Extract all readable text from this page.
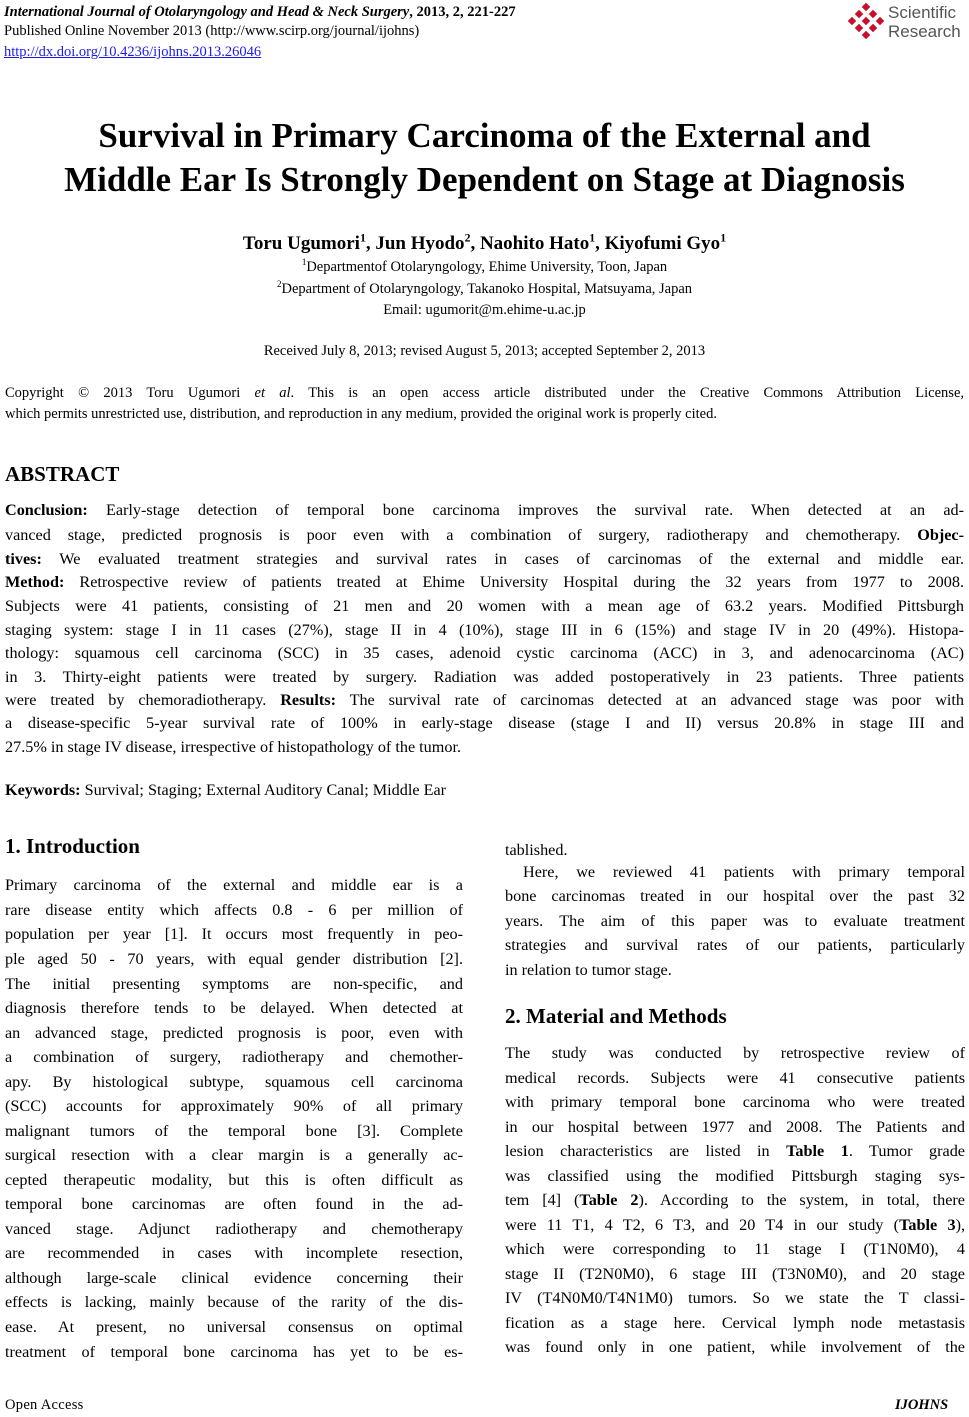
International Journal of Otolaryngology and Head & Neck Surgery, 2013, 2, 221-227
Published Online November 2013 (http://www.scirp.org/journal/ijohns)
http://dx.doi.org/10.4236/ijohns.2013.26046
Scientific
Research
Survival in Primary Carcinoma of the External and
Middle Ear Is Strongly Dependent on Stage at Diagnosis
Toru Ugumori$^1$, Jun Hyodo$^2$, Naohito Hato$^1$, Kiyofumi Gyo$^1$
$^1$Departmentof Otolaryngology, Ehime University, Toon, Japan
$^2$Department of Otolaryngology, Takanoko Hospital, Matsuyama, Japan
Email: ugumorit@m.ehime-u.ac.jp
Received July 8, 2013; revised August 5, 2013; accepted September 2, 2013
Copyright © 2013 Toru Ugumori et al. This is an open access article distributed under the Creative Commons Attribution License,
which permits unrestricted use, distribution, and reproduction in any medium, provided the original work is properly cited.
ABSTRACT
Conclusion: Early-stage detection of temporal bone carcinoma improves the survival rate. When detected at an ad-
vanced stage, predicted prognosis is poor even with a combination of surgery, radiotherapy and chemotherapy. Objec-
tives: We evaluated treatment strategies and survival rates in cases of carcinomas of the external and middle ear.
Method: Retrospective review of patients treated at Ehime University Hospital during the 32 years from 1977 to 2008.
Subjects were 41 patients, consisting of 21 men and 20 women with a mean age of 63.2 years. Modified Pittsburgh
staging system: stage I in 11 cases (27%), stage II in 4 (10%), stage III in 6 (15%) and stage IV in 20 (49%). Histopa-
thology: squamous cell carcinoma (SCC) in 35 cases, adenoid cystic carcinoma (ACC) in 3, and adenocarcinoma (AC)
in 3. Thirty-eight patients were treated by surgery. Radiation was added postoperatively in 23 patients. Three patients
were treated by chemoradiotherapy. Results: The survival rate of carcinomas detected at an advanced stage was poor with
a disease-specific 5-year survival rate of 100% in early-stage disease (stage I and II) versus 20.8% in stage III and
27.5% in stage IV disease, irrespective of histopathology of the tumor.
Keywords: Survival; Staging; External Auditory Canal; Middle Ear
1. Introduction
Primary carcinoma of the external and middle ear is a
rare disease entity which affects 0.8 - 6 per million of
population per year [1]. It occurs most frequently in peo-
ple aged 50 - 70 years, with equal gender distribution [2].
The initial presenting symptoms are non-specific, and
diagnosis therefore tends to be delayed. When detected at
an advanced stage, predicted prognosis is poor, even with
a combination of surgery, radiotherapy and chemother-
apy. By histological subtype, squamous cell carcinoma
(SCC) accounts for approximately 90% of all primary
malignant tumors of the temporal bone [3]. Complete
surgical resection with a clear margin is a generally ac-
cepted therapeutic modality, but this is often difficult as
temporal bone carcinomas are often found in the ad-
vanced stage. Adjunct radiotherapy and chemotherapy
are recommended in cases with incomplete resection,
although large-scale clinical evidence concerning their
effects is lacking, mainly because of the rarity of the dis-
ease. At present, no universal consensus on optimal
treatment of temporal bone carcinoma has yet to be es-
tablished.
Here, we reviewed 41 patients with primary temporal
bone carcinomas treated in our hospital over the past 32
years. The aim of this paper was to evaluate treatment
strategies and survival rates of our patients, particularly
in relation to tumor stage.
2. Material and Methods
The study was conducted by retrospective review of
medical records. Subjects were 41 consecutive patients
with primary temporal bone carcinoma who were treated
in our hospital between 1977 and 2008. The Patients and
lesion characteristics are listed in Table 1. Tumor grade
was classified using the modified Pittsburgh staging sys-
tem [4] (Table 2). According to the system, in total, there
were 11 T1, 4 T2, 6 T3, and 20 T4 in our study (Table 3),
which were corresponding to 11 stage I (T1N0M0), 4
stage II (T2N0M0), 6 stage III (T3N0M0), and 20 stage
IV (T4N0M0/T4N1M0) tumors. So we state the T classi-
fication as a stage here. Cervical lymph node metastasis
was found only in one patient, while involvement of the
Open Access	IJOHNS
